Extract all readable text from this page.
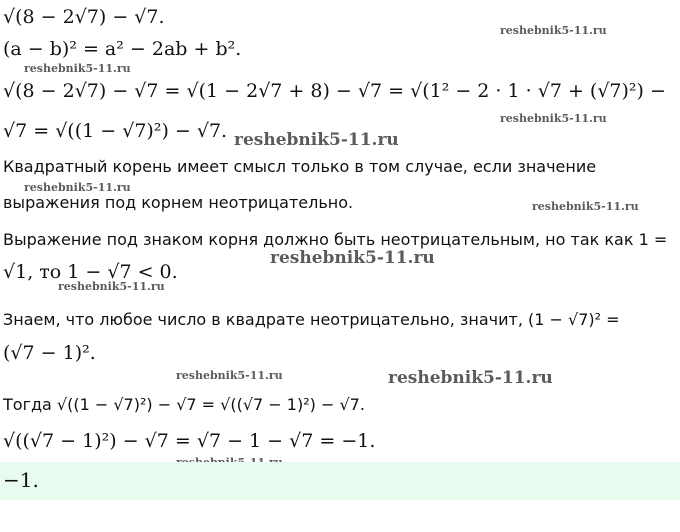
reshebnik5-11.ru
reshebnik5-11.ru
reshebnik5-11.ru
reshebnik5-11.ru
reshebnik5-11.ru
reshebnik5-11.ru
reshebnik5-11.ru
reshebnik5-11.ru
reshebnik5-11.ru	reshebnik5-11.ru
√(8 − 2√7) − √7.
(a − b)² = a² − 2ab + b².
√(8 − 2√7) − √7 = √(1 − 2√7 + 8) − √7 = √(1² − 2 · 1 · √7 + (√7)²) −
√7 = √((1 − √7)²) − √7.
Квадратный корень имеет смысл только в том случае, если значение
выражения под корнем неотрицательно.
Выражение под знаком корня должно быть неотрицательным, но так как 1 =
√1, то 1 − √7 < 0.
Знаем, что любое число в квадрате неотрицательно, значит, (1 − √7)² =
(√7 − 1)².
Тогда √((1 − √7)²) − √7 = √((√7 − 1)²) − √7.
√((√7 − 1)²) − √7 = √7 − 1 − √7 = −1.
−1.
